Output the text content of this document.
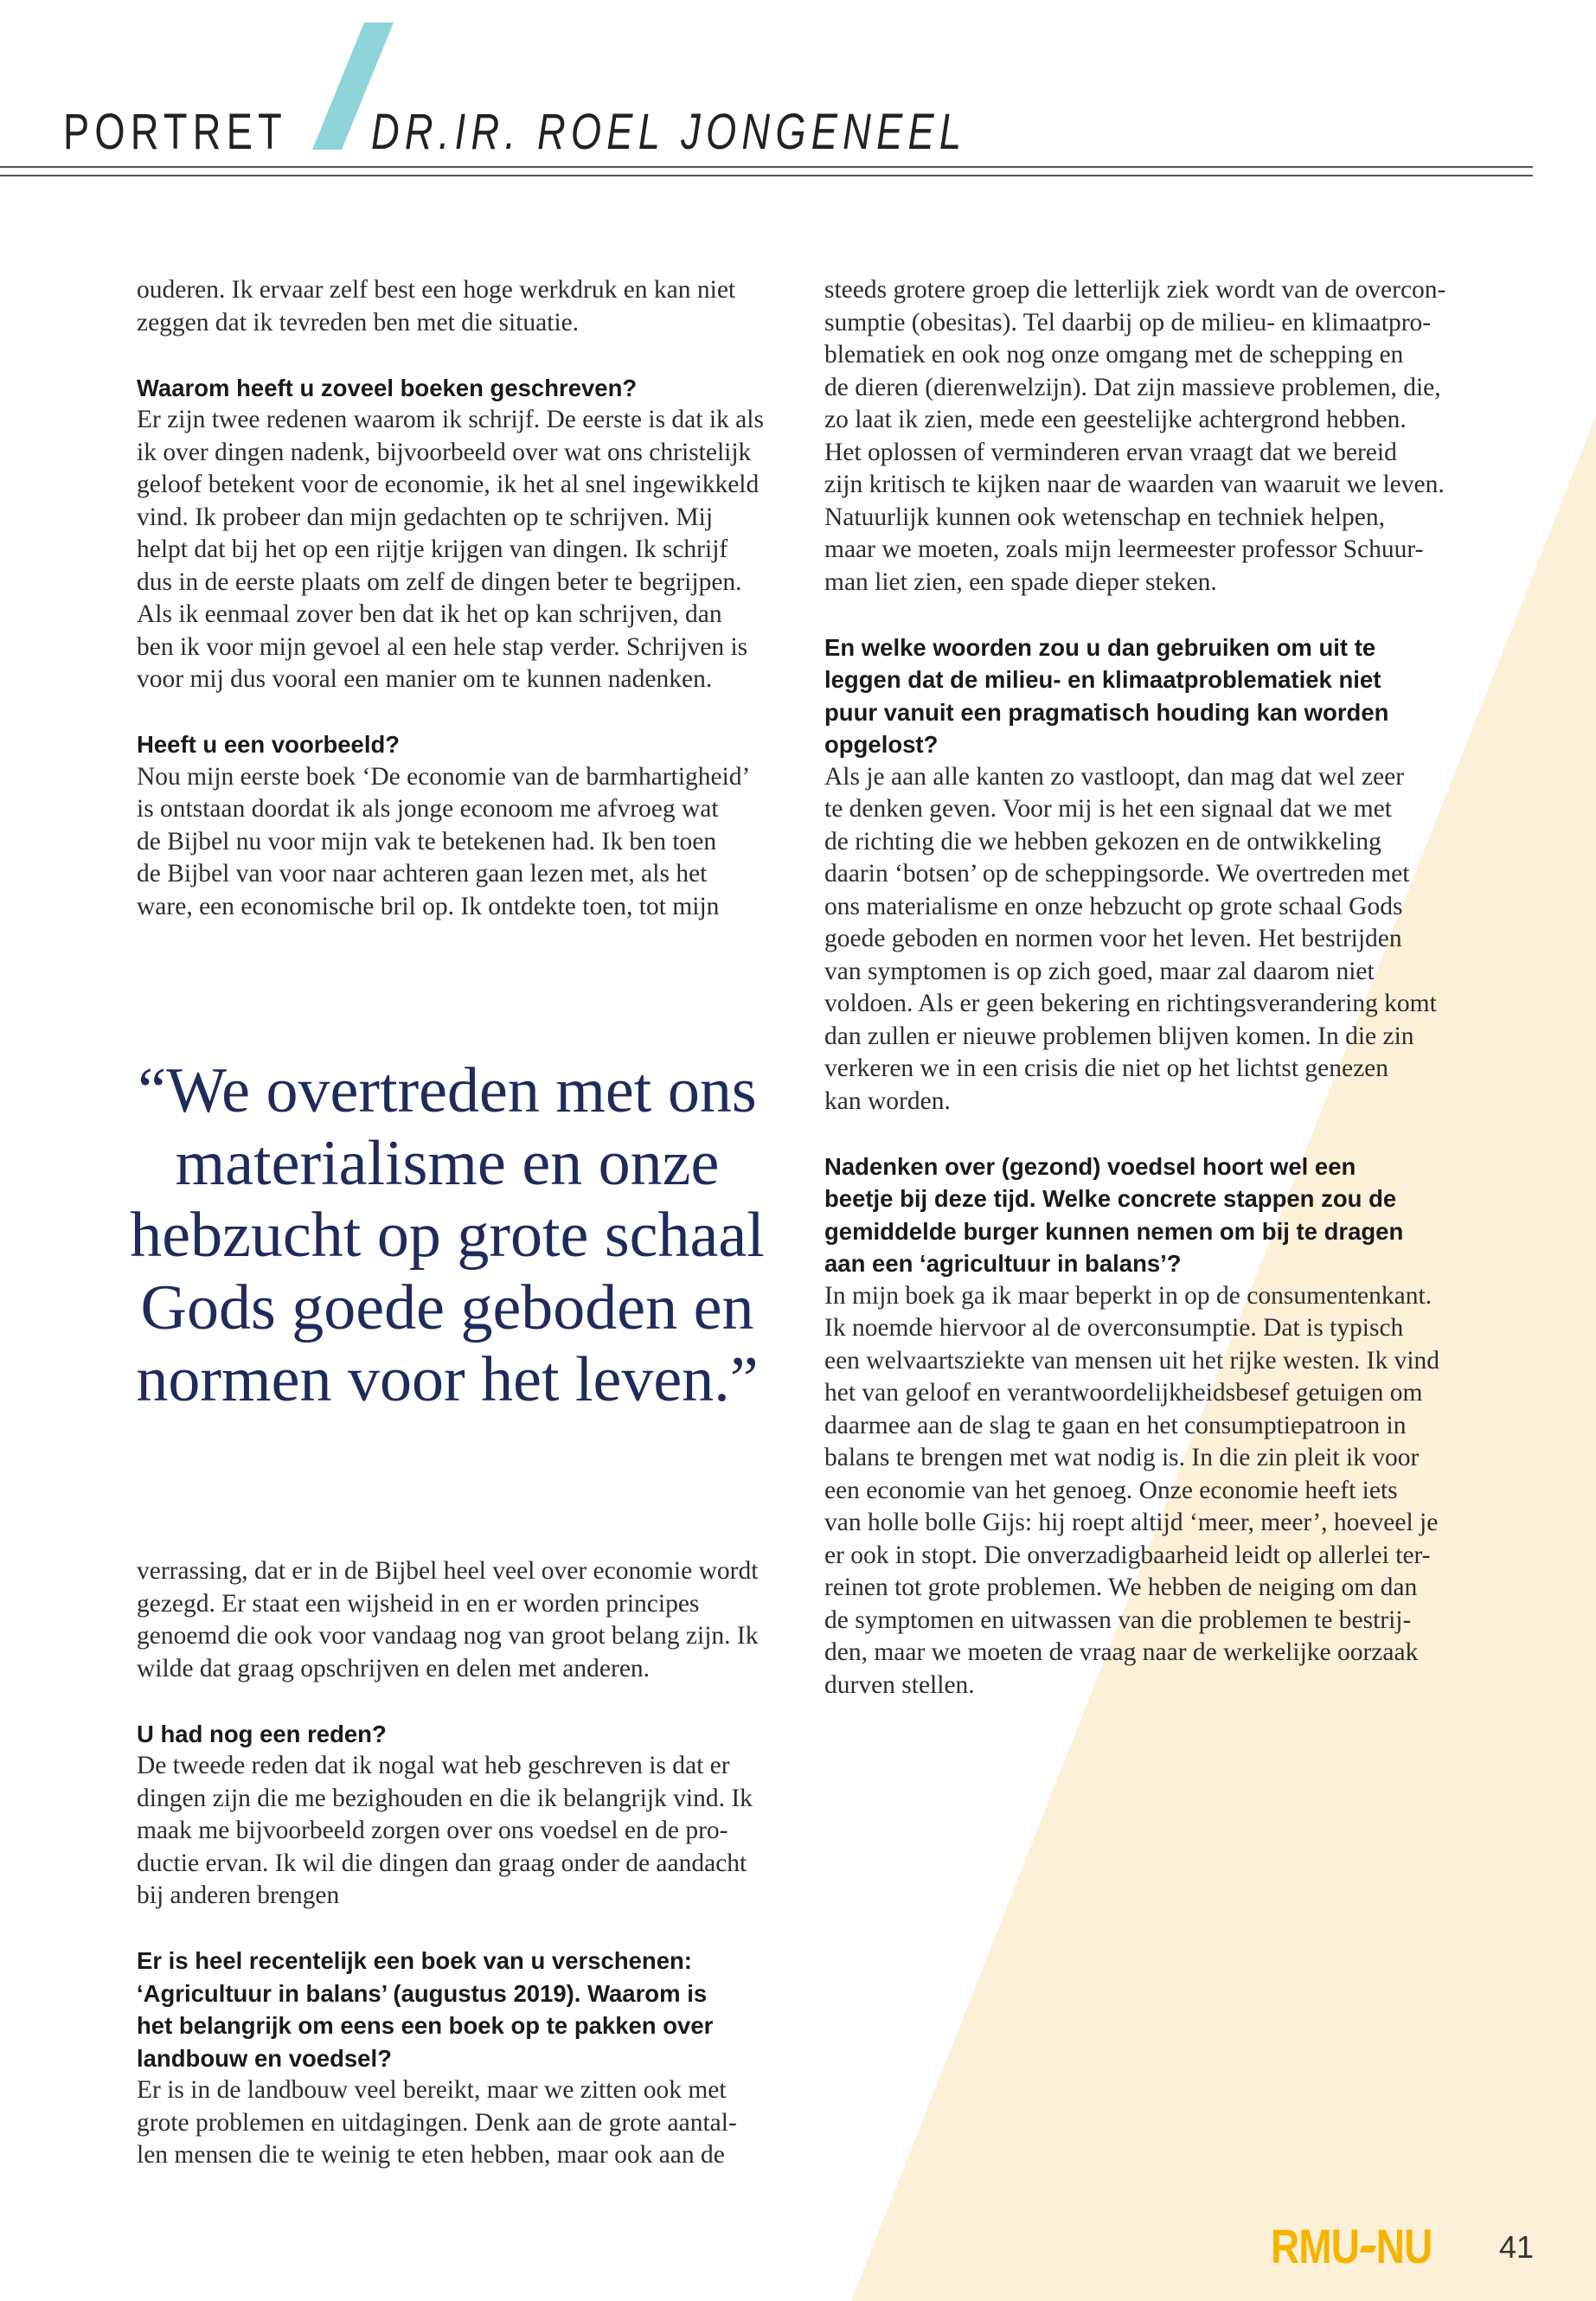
PORTRET DR.IR. ROEL JONGENEEL

ouderen. Ik ervaar zelf best een hoge werkdruk en kan niet
zeggen dat ik tevreden ben met die situatie.

Waarom heeft u zoveel boeken geschreven?

Er zijn twee redenen waarom ik schrijf. De eerste is dat ik als
ik over dingen nadenk, bijvoorbeeld over wat ons christelijk
geloof betekent voor de economie, ik het al snel ingewikkeld
vind. Ik probeer dan mijn gedachten op te schrijven. Mij
helpt dat bij het op een rijtje krijgen van dingen. Ik schrijf
dus in de eerste plaats om zelf de dingen beter te begrijpen.
Als ik eenmaal zover ben dat ik het op kan schrijven, dan
ben ik voor mijn gevoel al een hele stap verder. Schrijven is
voor mij dus vooral een manier om te kunnen nadenken.

Heeft u een voorbeeld?

Nou mijn eerste boek ‘De economie van de barmhartigheid’
is ontstaan doordat ik als jonge econoom me afvroeg wat
de Bijbel nu voor mijn vak te betekenen had. Ik ben toen
de Bijbel van voor naar achteren gaan lezen met, als het
ware, een economische bril op. Ik ontdekte toen, tot mijn

“We overtreden met ons
materialisme en onze
hebzucht op grote schaal
Gods goede geboden en
normen voor het leven.”

verrassing, dat er in de Bijbel heel veel over economie wordt
gezegd. Er staat een wijsheid in en er worden principes
genoemd die ook voor vandaag nog van groot belang zijn. Ik
wilde dat graag opschrijven en delen met anderen.

U had nog een reden?

De tweede reden dat ik nogal wat heb geschreven is dat er
dingen zijn die me bezighouden en die ik belangrijk vind. Ik
maak me bijvoorbeeld zorgen over ons voedsel en de pro-
ductie ervan. Ik wil die dingen dan graag onder de aandacht
bij anderen brengen

Er is heel recentelijk een boek van u verschenen:
‘Agricultuur in balans’ (augustus 2019). Waarom is
het belangrijk om eens een boek op te pakken over
landbouw en voedsel?

Er is in de landbouw veel bereikt, maar we zitten ook met
grote problemen en uitdagingen. Denk aan de grote aantal-
len mensen die te weinig te eten hebben, maar ook aan de

steeds grotere groep die letterlijk ziek wordt van de overcon-
sumptie (obesitas). Tel daarbij op de milieu- en klimaatpro-
blematiek en ook nog onze omgang met de schepping en
de dieren (dierenwelzijn). Dat zijn massieve problemen, die,
zo laat ik zien, mede een geestelijke achtergrond hebben.
Het oplossen of verminderen ervan vraagt dat we bereid
zijn kritisch te kijken naar de waarden van waaruit we leven.
Natuurlijk kunnen ook wetenschap en techniek helpen,
maar we moeten, zoals mijn leermeester professor Schuur-
man liet zien, een spade dieper steken.

En welke woorden zou u dan gebruiken om uit te
leggen dat de milieu- en klimaatproblematiek niet
puur vanuit een pragmatisch houding kan worden
opgelost?

Als je aan alle kanten zo vastloopt, dan mag dat wel zeer
te denken geven. Voor mij is het een signaal dat we met
de richting die we hebben gekozen en de ontwikkeling
daarin ‘botsen’ op de scheppingsorde. We overtreden met
ons materialisme en onze hebzucht op grote schaal Gods
goede geboden en normen voor het leven. Het bestrijden
van symptomen is op zich goed, maar zal daarom niet
voldoen. Als er geen bekering en richtingsverandering komt
dan zullen er nieuwe problemen blijven komen. In die zin
verkeren we in een crisis die niet op het lichtst genezen
kan worden.

Nadenken over (gezond) voedsel hoort wel een
beetje bij deze tijd. Welke concrete stappen zou de
gemiddelde burger kunnen nemen om bij te dragen
aan een ‘agricultuur in balans’?

In mijn boek ga ik maar beperkt in op de consumentenkant.
Ik noemde hiervoor al de overconsumptie. Dat is typisch
een welvaartsziekte van mensen uit het rijke westen. Ik vind
het van geloof en verantwoordelijkheidsbesef getuigen om
daarmee aan de slag te gaan en het consumptiepatroon in
balans te brengen met wat nodig is. In die zin pleit ik voor
een economie van het genoeg. Onze economie heeft iets
van holle bolle Gijs: hij roept altijd ‘meer, meer’, hoeveel je
er ook in stopt. Die onverzadigbaarheid leidt op allerlei ter-
reinen tot grote problemen. We hebben de neiging om dan
de symptomen en uitwassen van die problemen te bestrij-
den, maar we moeten de vraag naar de werkelijke oorzaak
durven stellen.

RMU NU 41
